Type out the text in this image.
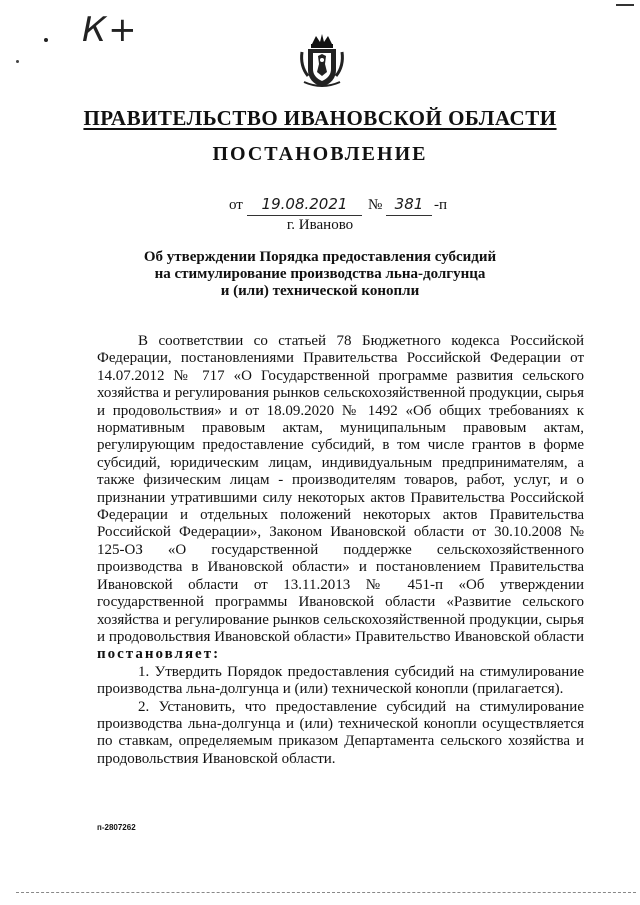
К+
ПРАВИТЕЛЬСТВО ИВАНОВСКОЙ ОБЛАСТИ
ПОСТАНОВЛЕНИЕ
от	19.08.2021	№ 381 -п
г. Иваново
Об утверждении Порядка предоставления субсидий
на стимулирование производства льна-долгунца
и (или) технической конопли

В соответствии со статьей 78 Бюджетного кодекса Российской Федерации, постановлениями Правительства Российской Федерации от 14.07.2012 № 717 «О Государственной программе развития сельского хозяйства и регулирования рынков сельскохозяйственной продукции, сырья и продовольствия» и от 18.09.2020 № 1492 «Об общих требованиях к нормативным правовым актам, муниципальным правовым актам, регулирующим предоставление субсидий, в том числе грантов в форме субсидий, юридическим лицам, индивидуальным предпринимателям, а также физическим лицам - производителям товаров, работ, услуг, и о признании утратившими силу некоторых актов Правительства Российской Федерации и отдельных положений некоторых актов Правительства Российской Федерации», Законом Ивановской области от 30.10.2008 № 125-ОЗ «О государственной поддержке сельскохозяйственного производства в Ивановской области» и постановлением Правительства Ивановской области от 13.11.2013 № 451-п «Об утверждении государственной программы Ивановской области «Развитие сельского хозяйства и регулирование рынков сельскохозяйственной продукции, сырья и продовольствия Ивановской области» Правительство Ивановской области постановляет:

1. Утвердить Порядок предоставления субсидий на стимулирование производства льна-долгунца и (или) технической конопли (прилагается).

2. Установить, что предоставление субсидий на стимулирование производства льна-долгунца и (или) технической конопли осуществляется по ставкам, определяемым приказом Департамента сельского хозяйства и продовольствия Ивановской области.

п-2807262
